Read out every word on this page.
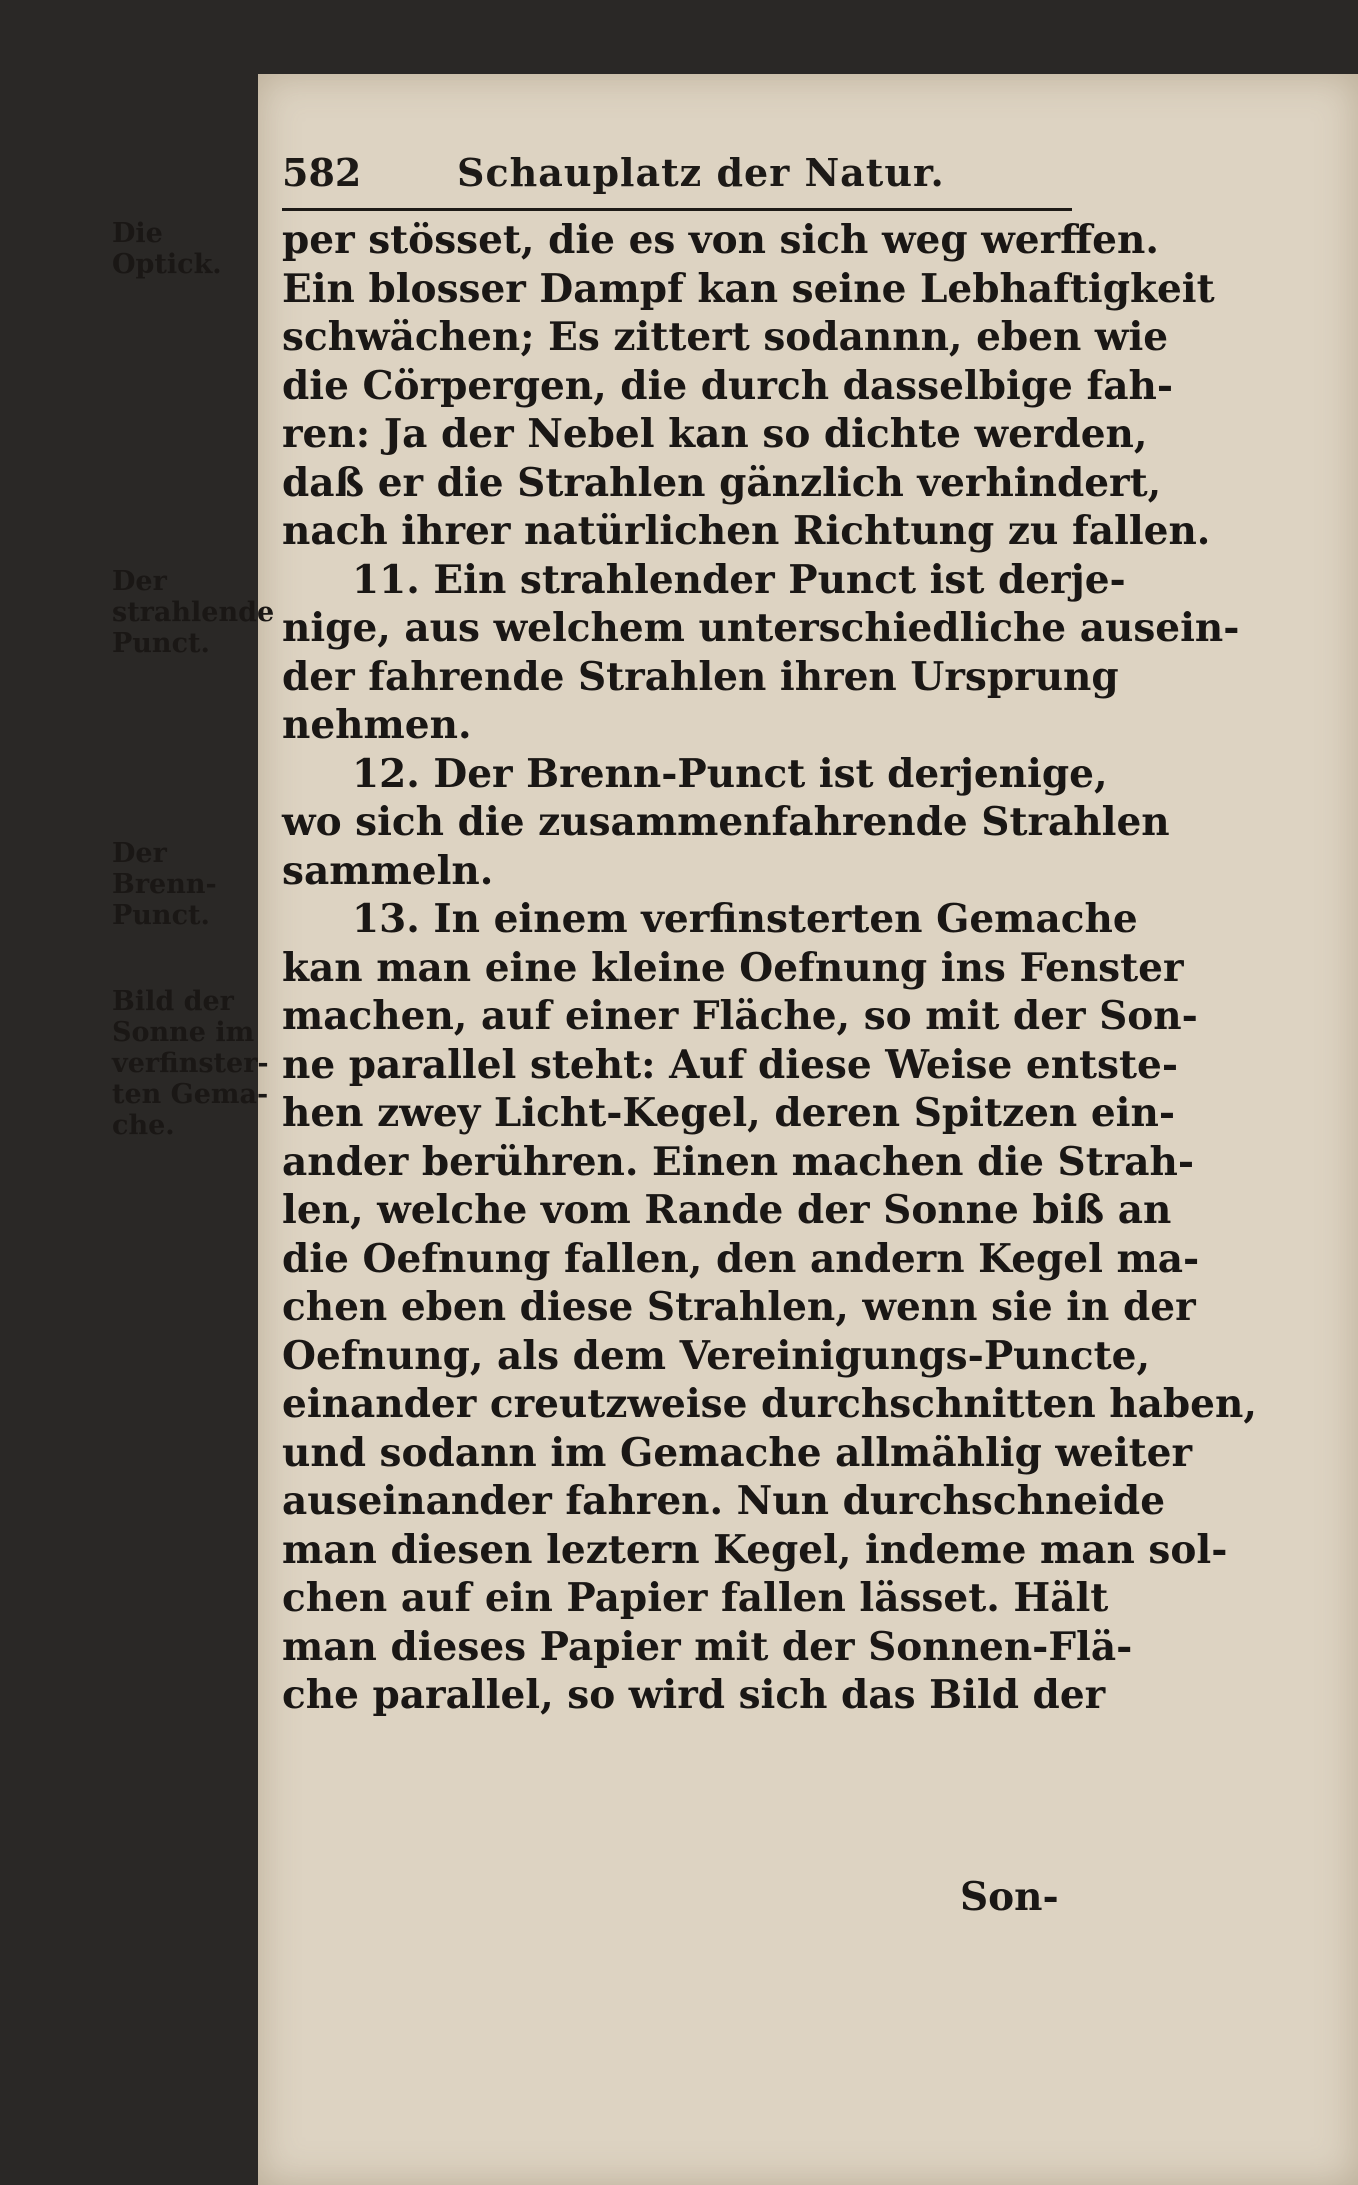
582	Schauplatz der Natur.
Die
Optick.
Der
strahlende
Punct.
Der
Brenn-
Punct.
Bild der
Sonne im
verfinster-
ten Gema-
che.
per stösset, die es von sich weg werffen.
Ein blosser Dampf kan seine Lebhaftigkeit
schwächen; Es zittert sodannn, eben wie
die Cörpergen, die durch dasselbige fah-
ren: Ja der Nebel kan so dichte werden,
daß er die Strahlen gänzlich verhindert,
nach ihrer natürlichen Richtung zu fallen.
11. Ein strahlender Punct ist derje-
nige, aus welchem unterschiedliche ausein-
der fahrende Strahlen ihren Ursprung
nehmen.
12. Der Brenn-Punct ist derjenige,
wo sich die zusammenfahrende Strahlen
sammeln.
13. In einem verfinsterten Gemache
kan man eine kleine Oefnung ins Fenster
machen, auf einer Fläche, so mit der Son-
ne parallel steht: Auf diese Weise entste-
hen zwey Licht-Kegel, deren Spitzen ein-
ander berühren. Einen machen die Strah-
len, welche vom Rande der Sonne biß an
die Oefnung fallen, den andern Kegel ma-
chen eben diese Strahlen, wenn sie in der
Oefnung, als dem Vereinigungs-Puncte,
einander creutzweise durchschnitten haben,
und sodann im Gemache allmählig weiter
auseinander fahren. Nun durchschneide
man diesen leztern Kegel, indeme man sol-
chen auf ein Papier fallen lässet. Hält
man dieses Papier mit der Sonnen-Flä-
che parallel, so wird sich das Bild der
Son-
